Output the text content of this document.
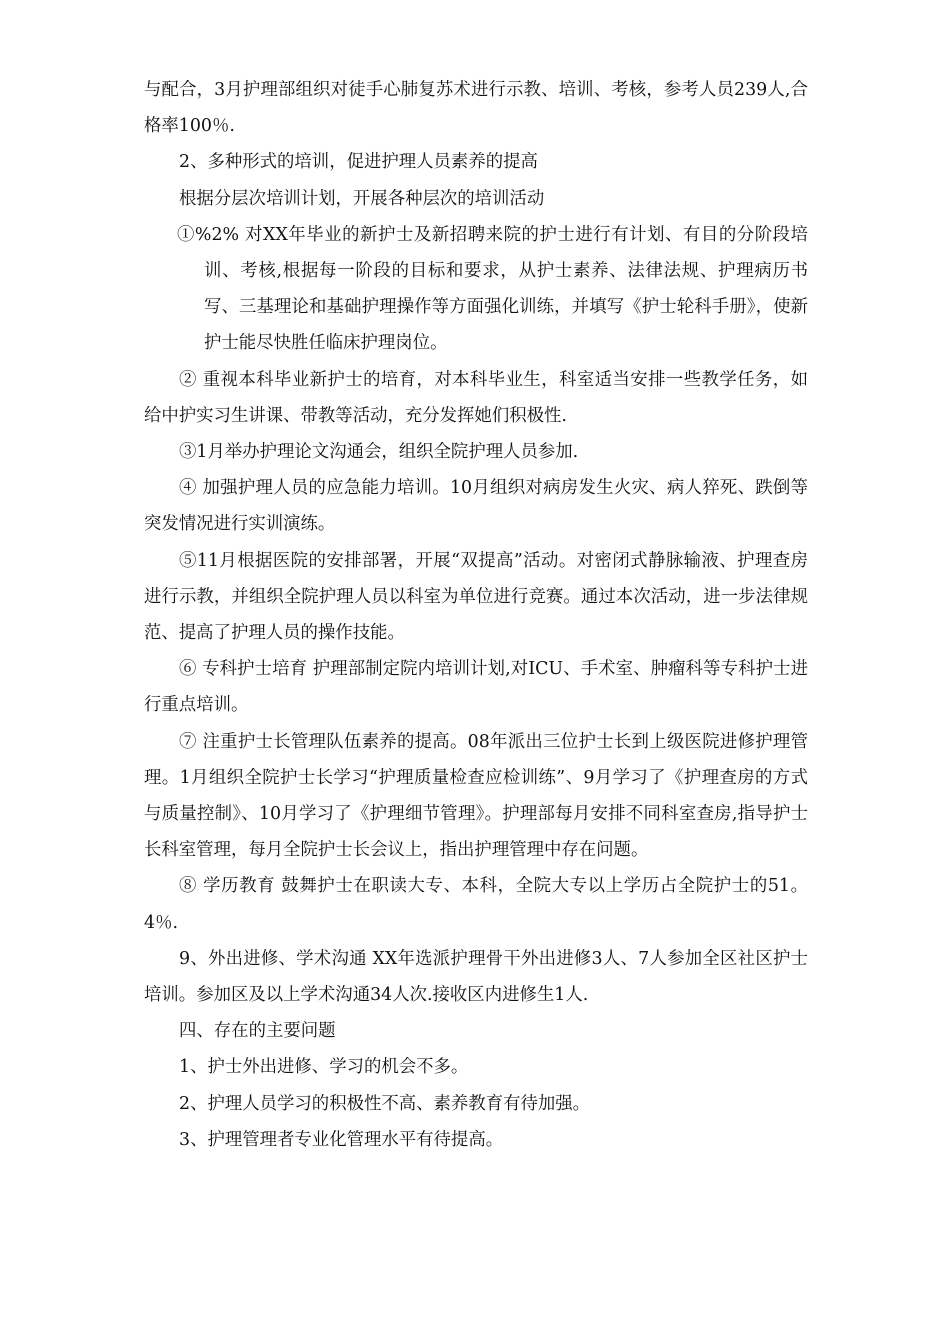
与配合，3月护理部组织对徒手心肺复苏术进行示教、培训、考核，参考人员239人,合格率100％.

2、多种形式的培训，促进护理人员素养的提高

根据分层次培训计划，开展各种层次的培训活动

①%2% 对XX年毕业的新护士及新招聘来院的护士进行有计划、有目的分阶段培训、考核,根据每一阶段的目标和要求，从护士素养、法律法规、护理病历书写、三基理论和基础护理操作等方面强化训练，并填写《护士轮科手册》，使新护士能尽快胜任临床护理岗位。

② 重视本科毕业新护士的培育，对本科毕业生，科室适当安排一些教学任务，如给中护实习生讲课、带教等活动，充分发挥她们积极性.

③1月举办护理论文沟通会，组织全院护理人员参加.

④ 加强护理人员的应急能力培训。10月组织对病房发生火灾、病人猝死、跌倒等突发情况进行实训演练。

⑤11月根据医院的安排部署，开展“双提高”活动。对密闭式静脉输液、护理查房进行示教，并组织全院护理人员以科室为单位进行竞赛。通过本次活动，进一步法律规范、提高了护理人员的操作技能。

⑥ 专科护士培育 护理部制定院内培训计划,对ICU、手术室、肿瘤科等专科护士进行重点培训。

⑦ 注重护士长管理队伍素养的提高。08年派出三位护士长到上级医院进修护理管理。1月组织全院护士长学习“护理质量检查应检训练”、9月学习了《护理查房的方式与质量控制》、10月学习了《护理细节管理》。护理部每月安排不同科室查房,指导护士长科室管理，每月全院护士长会议上，指出护理管理中存在问题。

⑧ 学历教育 鼓舞护士在职读大专、本科，全院大专以上学历占全院护士的51。4％.

9、外出进修、学术沟通 XX年选派护理骨干外出进修3人、7人参加全区社区护士培训。参加区及以上学术沟通34人次.接收区内进修生1人.

四、存在的主要问题

1、护士外出进修、学习的机会不多。

2、护理人员学习的积极性不高、素养教育有待加强。

3、护理管理者专业化管理水平有待提高。
